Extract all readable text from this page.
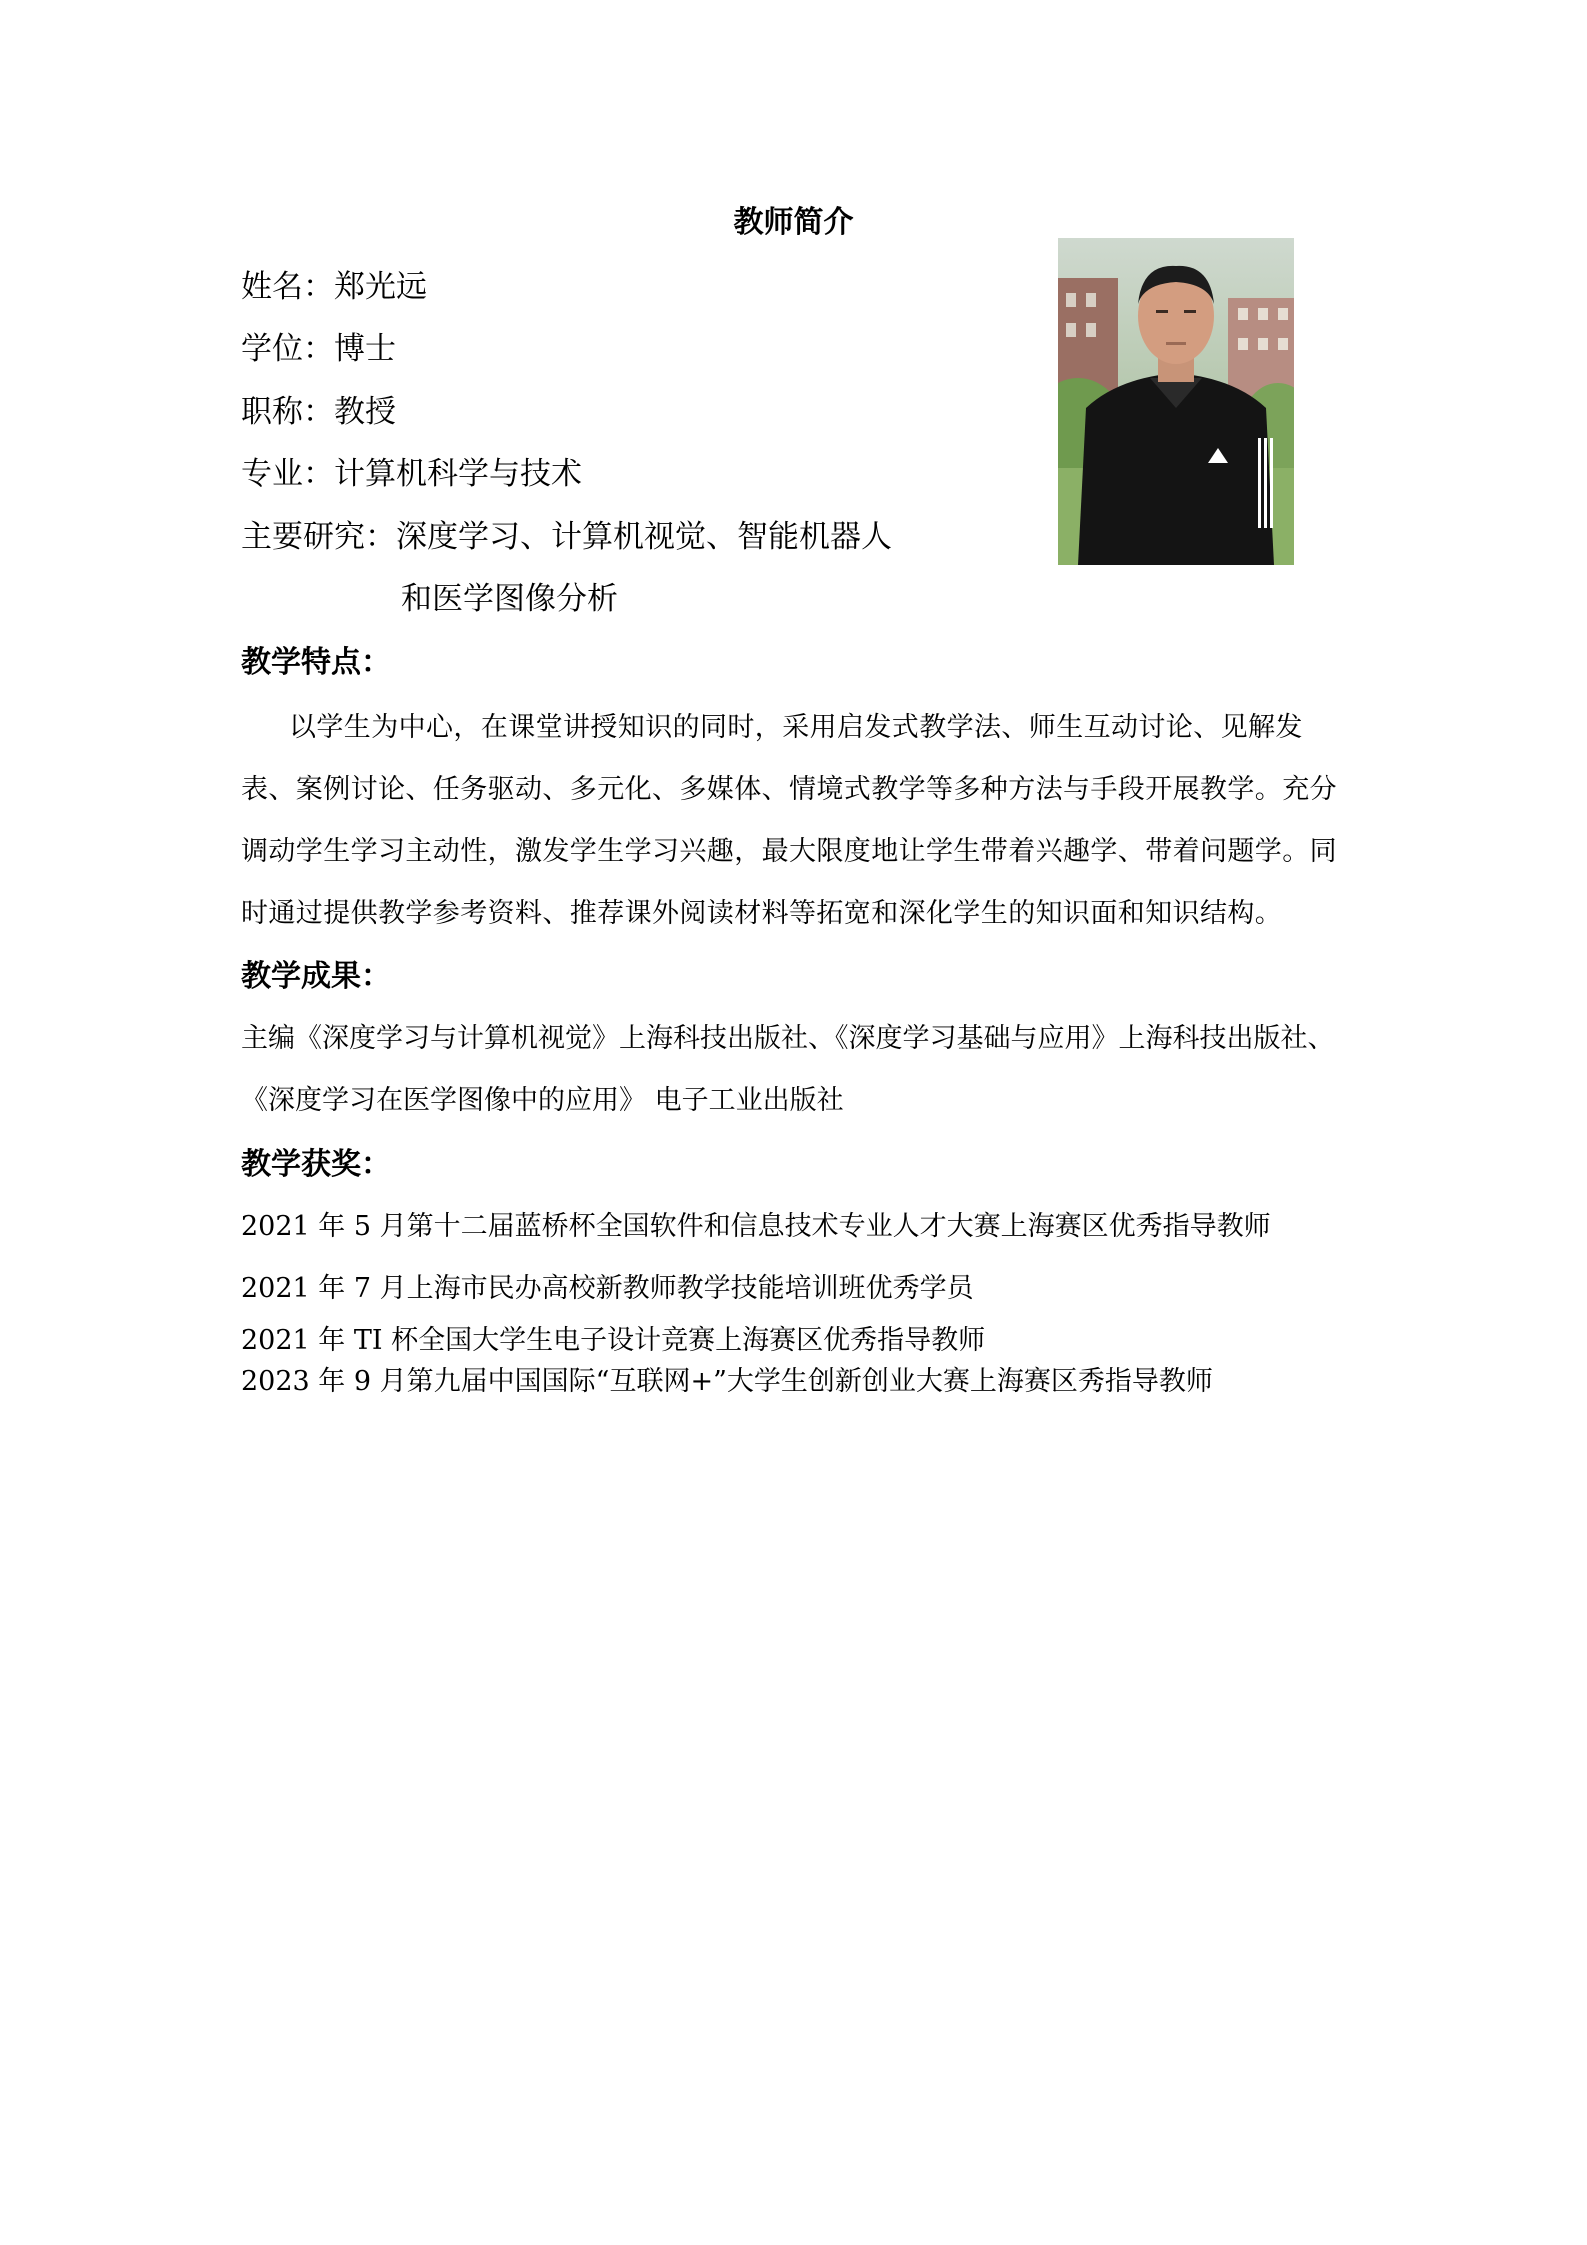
教师简介
姓名：郑光远
学位：博士
职称：教授
专业：计算机科学与技术
主要研究：深度学习、计算机视觉、智能机器人
和医学图像分析
教学特点：
以学生为中心，在课堂讲授知识的同时，采用启发式教学法、师生互动讨论、见解发表、案例讨论、任务驱动、多元化、多媒体、情境式教学等多种方法与手段开展教学。充分调动学生学习主动性，激发学生学习兴趣，最大限度地让学生带着兴趣学、带着问题学。同时通过提供教学参考资料、推荐课外阅读材料等拓宽和深化学生的知识面和知识结构。
教学成果：
主编《深度学习与计算机视觉》上海科技出版社、《深度学习基础与应用》上海科技出版社、
《深度学习在医学图像中的应用》 电子工业出版社
教学获奖：
2021 年 5 月第十二届蓝桥杯全国软件和信息技术专业人才大赛上海赛区优秀指导教师
2021 年 7 月上海市民办高校新教师教学技能培训班优秀学员
2021 年 TI 杯全国大学生电子设计竞赛上海赛区优秀指导教师
2023 年 9 月第九届中国国际“互联网+”大学生创新创业大赛上海赛区秀指导教师
